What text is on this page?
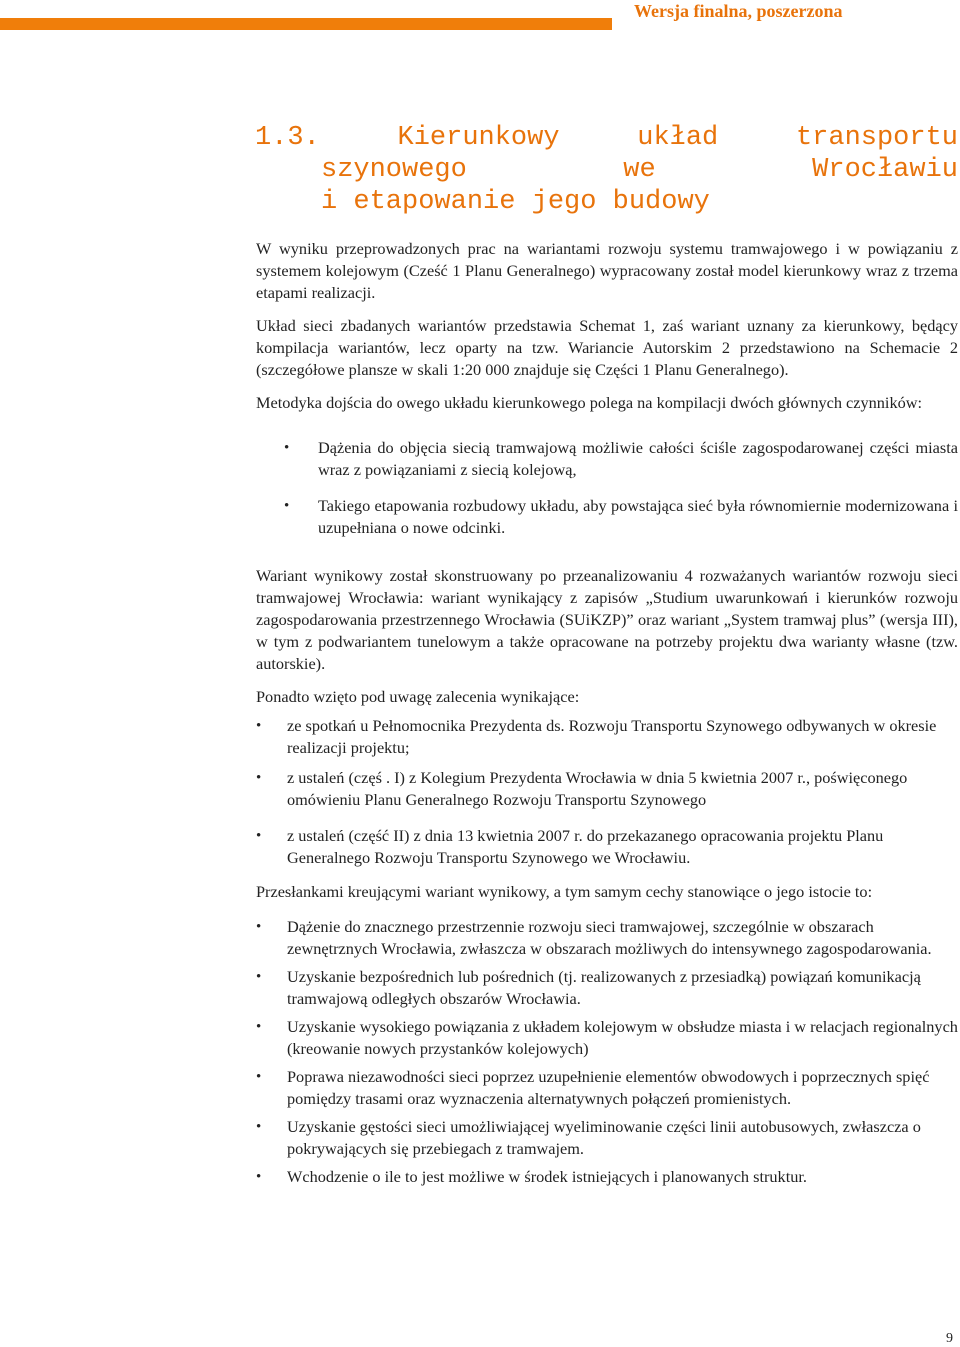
Wersja finalna, poszerzona
1.3.	Kierunkowy	układ	transportu
szynowego	we	Wrocławiu
i etapowanie jego budowy

W wyniku przeprowadzonych prac na wariantami rozwoju systemu tramwajowego i w powiązaniu z systemem kolejowym (Cześć 1 Planu Generalnego) wypracowany został model kierunkowy wraz z trzema etapami realizacji.

Układ sieci zbadanych wariantów przedstawia Schemat 1, zaś wariant uznany za kierunkowy, będący kompilacja wariantów, lecz oparty na tzw. Wariancie Autorskim 2 przedstawiono na Schemacie 2 (szczegółowe plansze w skali 1:20 000 znajduje się Części 1 Planu Generalnego).

Metodyka dojścia do owego układu kierunkowego polega na kompilacji dwóch głównych czynników:

• Dążenia do objęcia siecią tramwajową możliwie całości ściśle zagospodarowanej części miasta wraz z powiązaniami z siecią kolejową,
• Takiego etapowania rozbudowy układu, aby powstająca sieć była równomiernie modernizowana i uzupełniana o nowe odcinki.

Wariant wynikowy został skonstruowany po przeanalizowaniu 4 rozważanych wariantów rozwoju sieci tramwajowej Wrocławia: wariant wynikający z zapisów „Studium uwarunkowań i kierunków rozwoju zagospodarowania przestrzennego Wrocławia (SUiKZP)” oraz wariant „System tramwaj plus” (wersja III), w tym z podwariantem tunelowym a także opracowane na potrzeby projektu dwa warianty własne (tzw. autorskie).

Ponadto wzięto pod uwagę zalecenia wynikające:

• ze spotkań u Pełnomocnika Prezydenta ds. Rozwoju Transportu Szynowego odbywanych w okresie realizacji projektu;
• z ustaleń (częś . I) z Kolegium Prezydenta Wrocławia w dnia 5 kwietnia 2007 r., poświęconego omówieniu Planu Generalnego Rozwoju Transportu Szynowego
• z ustaleń (część II) z dnia 13 kwietnia 2007 r. do przekazanego opracowania projektu Planu Generalnego Rozwoju Transportu Szynowego we Wrocławiu.

Przesłankami kreującymi wariant wynikowy, a tym samym cechy stanowiące o jego istocie to:

• Dążenie do znacznego przestrzennie rozwoju sieci tramwajowej, szczególnie w obszarach zewnętrznych Wrocławia, zwłaszcza w obszarach możliwych do intensywnego zagospodarowania.
• Uzyskanie bezpośrednich lub pośrednich (tj. realizowanych z przesiadką) powiązań komunikacją tramwajową odległych obszarów Wrocławia.
• Uzyskanie wysokiego powiązania z układem kolejowym w obsłudze miasta i w relacjach regionalnych (kreowanie nowych przystanków kolejowych)
• Poprawa niezawodności sieci poprzez uzupełnienie elementów obwodowych i poprzecznych spięć pomiędzy trasami oraz wyznaczenia alternatywnych połączeń promienistych.
• Uzyskanie gęstości sieci umożliwiającej wyeliminowanie części linii autobusowych, zwłaszcza o pokrywających się przebiegach z tramwajem.
• Wchodzenie o ile to jest możliwe w środek istniejących i planowanych struktur.
9
